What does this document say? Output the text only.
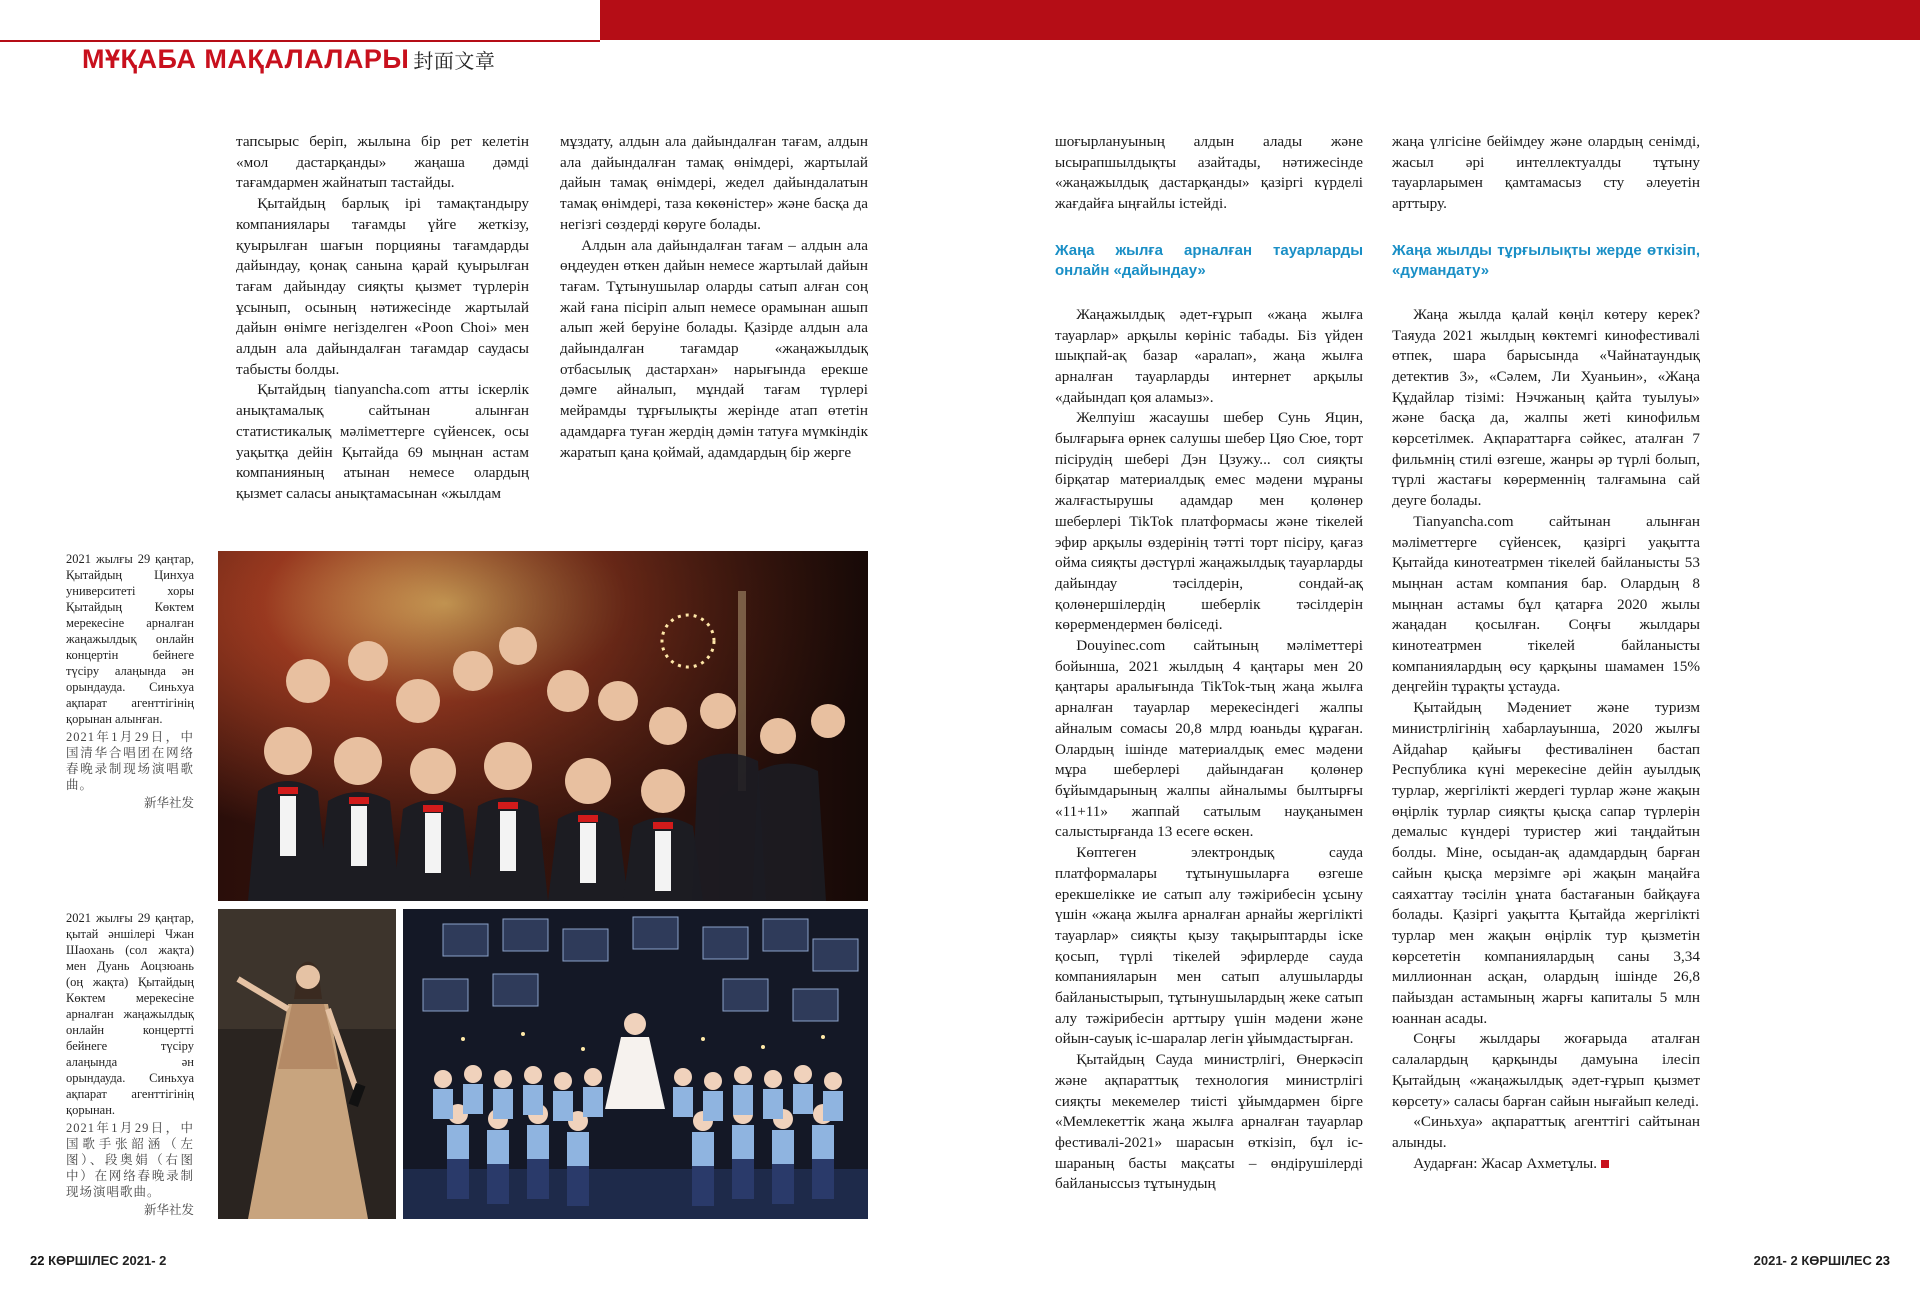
МҰҚАБА МАҚАЛАЛАРЫ 封面文章

тапсырыс беріп, жылына бір рет келетін «мол дастарқанды» жаңаша дәмді тағамдармен жайнатып тастайды.

Қытайдың барлық ірі тамақтандыру компаниялары тағамды үйге жеткізу, қуырылған шағын порцияны тағамдарды дайындау, қонақ санына қарай қуырылған тағам дайындау сияқты қызмет түрлерін ұсынып, осының нәтижесінде жартылай дайын өнімге негізделген «Poon Choi» мен алдын ала дайындалған тағамдар саудасы табысты болды.

Қытайдың tianyancha.com атты іскерлік анықтамалық сайтынан алынған статистикалық мәліметтерге сүйенсек, осы уақытқа дейін Қытайда 69 мыңнан астам компанияның атынан немесе олардың қызмет саласы анықтамасынан «жылдам

мұздату, алдын ала дайындалған тағам, алдын ала дайындалған тамақ өнімдері, жартылай дайын тамақ өнімдері, жедел дайындалатын тамақ өнімдері, таза көкөністер» және басқа да негізгі сөздерді көруге болады.

Алдын ала дайындалған тағам – алдын ала өңдеуден өткен дайын немесе жартылай дайын тағам. Тұтынушылар оларды сатып алған соң жай ғана пісіріп алып немесе орамынан ашып алып жей беруіне болады. Қазірде алдын ала дайындалған тағамдар «жаңажылдық отбасылық дастархан» нарығында ерекше дәмге айналып, мұндай тағам түрлері мейрамды тұрғылықты жерінде атап өтетін адамдарға туған жердің дәмін татуға мүмкіндік жаратып қана қоймай, адамдардың бір жерге

2021 жылғы 29 қаңтар, Қытайдың Цинхуа университеті хоры Қытайдың Көктем мерекесіне арналған жаңажылдық онлайн концертін бейнеге түсіру алаңында ән орындауда. Синьхуа ақпарат агенттігінің қорынан алынған.
2021年1月29日，中国清华合唱团在网络春晚录制现场演唱歌曲。
新华社发
2021 жылғы 29 қаңтар, қытай әншілері Чжан Шаохань (сол жақта) мен Дуань Аоцзюань (оң жақта) Қытайдың Көктем мерекесіне арналған жаңажылдық онлайн концертті бейнеге түсіру алаңында ән орындауда. Синьхуа ақпарат агенттігінің қорынан.
2021年1月29日，中国歌手张韶涵（左图）、段奥娟（右图中）在网络春晚录制现场演唱歌曲。
新华社发

шоғырлануының алдын алады және ысырапшылдықты азайтады, нәтижесінде «жаңажылдық дастарқанды» қазіргі күрделі жағдайға ыңғайлы істейді.

Жаңа жылға арналған тауарларды онлайн «дайындау»

Жаңажылдық әдет-ғұрып «жаңа жылға тауарлар» арқылы көрініс табады. Біз үйден шықпай-ақ базар «аралап», жаңа жылға арналған тауарларды интернет арқылы «дайындап қоя аламыз».

Желпуіш жасаушы шебер Сунь Яцин, былғарыға өрнек салушы шебер Цяо Сюе, торт пісірудің шебері Дэн Цзужу... сол сияқты бірқатар материалдық емес мәдени мұраны жалғастырушы адамдар мен қолөнер шеберлері TikTok платформасы және тікелей эфир арқылы өздерінің тәтті торт пісіру, қағаз ойма сияқты дәстүрлі жаңажылдық тауарларды дайындау тәсілдерін, сондай-ақ қолөнершілердің шеберлік тәсілдерін көрермендермен бөліседі.

Douyinec.com сайтының мәліметтері бойынша, 2021 жылдың 4 қаңтары мен 20 қаңтары аралығында TikTok-тың жаңа жылға арналған тауарлар мерекесіндегі жалпы айналым сомасы 20,8 млрд юаньды құраған. Олардың ішінде материалдық емес мәдени мұра шеберлері дайындаған қолөнер бұйымдарының жалпы айналымы былтырғы «11+11» жаппай сатылым науқанымен салыстырғанда 13 есеге өскен.

Көптеген электрондық сауда платформалары тұтынушыларға өзгеше ерекшелікке ие сатып алу тәжірибесін ұсыну үшін «жаңа жылға арналған арнайы жергілікті тауарлар» сияқты қызу тақырыптарды іске қосып, түрлі тікелей эфирлерде сауда компанияларын мен сатып алушыларды байланыстырып, тұтынушылардың жеке сатып алу тәжірибесін арттыру үшін мәдени және ойын-сауық іс-шаралар легін ұйымдастырған.

Қытайдың Сауда министрлігі, Өнеркәсіп және ақпараттық технология министрлігі сияқты мекемелер тиісті ұйымдармен бірге «Мемлекеттік жаңа жылға арналған тауарлар фестивалі-2021» шарасын өткізіп, бұл іс-шараның басты мақсаты – өндірушілерді байланыссыз тұтынудың

жаңа үлгісіне бейімдеу және олардың сенімді, жасыл әрі интеллектуалды тұтыну тауарларымен қамтамасыз сту әлеуетін арттыру.

Жаңа жылды тұрғылықты жерде өткізіп, «думандату»

Жаңа жылда қалай көңіл көтеру керек? Таяуда 2021 жылдың көктемгі кинофестивалі өтпек, шара барысында «Чайнатаундық детектив 3», «Сәлем, Ли Хуаньин», «Жаңа Құдайлар тізімі: Нэчжаның қайта туылуы» және басқа да, жалпы жеті кинофильм көрсетілмек. Ақпараттарға сәйкес, аталған 7 фильмнің стилі өзгеше, жанры әр түрлі болып, түрлі жастағы көрерменнің талғамына сай деуге болады.

Tianyancha.com сайтынан алынған мәліметтерге сүйенсек, қазіргі уақытта Қытайда кинотеатрмен тікелей байланысты 53 мыңнан астам компания бар. Олардың 8 мыңнан астамы бұл қатарға 2020 жылы жаңадан қосылған. Соңғы жылдары кинотеатрмен тікелей байланысты компаниялардың өсу қарқыны шамамен 15% деңгейін тұрақты ұстауда.

Қытайдың Мәдениет және туризм министрлігінің хабарлауынша, 2020 жылғы Айдаһар қайығы фестивалінен бастап Республика күні мерекесіне дейін ауылдық турлар, жергілікті жердегі турлар және жақын өңірлік турлар сияқты қысқа сапар түрлерін демалыс күндері туристер жиі таңдайтын болды. Міне, осыдан-ақ адамдардың барған сайын қысқа мерзімге әрі жақын маңайға саяхаттау тәсілін ұната бастағанын байқауға болады. Қазіргі уақытта Қытайда жергілікті турлар мен жақын өңірлік тур қызметін көрсететін компаниялардың саны 3,34 миллионнан асқан, олардың ішінде 26,8 пайыздан астамының жарғы капиталы 5 млн юаннан асады.

Соңғы жылдары жоғарыда аталған салалардың қарқынды дамуына ілесіп Қытайдың «жаңажылдық әдет-ғұрып қызмет көрсету» саласы барған сайын нығайып келеді.

«Синьхуа» ақпараттық агенттігі сайтынан алынды.

Аударған: Жасар Ахметұлы.

22 КӨРШІЛЕС 2021- 2	2021- 2 КӨРШІЛЕС 23
